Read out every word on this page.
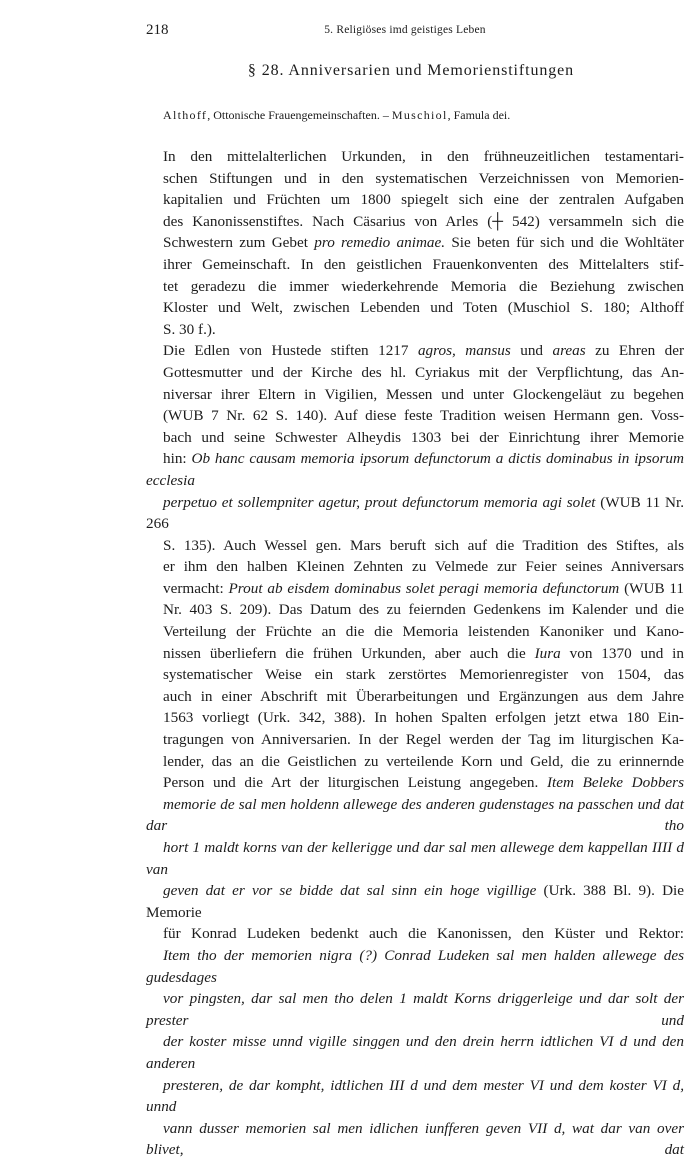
218	5. Religiöses imd geistiges Leben
§ 28. Anniversarien und Memorienstiftungen
Althoff, Ottonische Frauengemeinschaften. – Muschiol, Famula dei.

In den mittelalterlichen Urkunden, in den frühneuzeitlichen testamentari-
schen Stiftungen und in den systematischen Verzeichnissen von Memorien-
kapitalien und Früchten um 1800 spiegelt sich eine der zentralen Aufgaben
des Kanonissenstiftes. Nach Cäsarius von Arles (┼ 542) versammeln sich die
Schwestern zum Gebet pro remedio animae. Sie beten für sich und die Wohltäter
ihrer Gemeinschaft. In den geistlichen Frauenkonventen des Mittelalters stif-
tet geradezu die immer wiederkehrende Memoria die Beziehung zwischen
Kloster und Welt, zwischen Lebenden und Toten (Muschiol S. 180; Althoff
S. 30 f.).

Die Edlen von Hustede stiften 1217 agros, mansus und areas zu Ehren der
Gottesmutter und der Kirche des hl. Cyriakus mit der Verpflichtung, das An-
niversar ihrer Eltern in Vigilien, Messen und unter Glockengeläut zu begehen
(WUB 7 Nr. 62 S. 140). Auf diese feste Tradition weisen Hermann gen. Voss-
bach und seine Schwester Alheydis 1303 bei der Einrichtung ihrer Memorie
hin: Ob hanc causam memoria ipsorum defunctorum a dictis dominabus in ipsorum ecclesia
perpetuo et sollempniter agetur, prout defunctorum memoria agi solet (WUB 11 Nr. 266
S. 135). Auch Wessel gen. Mars beruft sich auf die Tradition des Stiftes, als
er ihm den halben Kleinen Zehnten zu Velmede zur Feier seines Anniversars
vermacht: Prout ab eisdem dominabus solet peragi memoria defunctorum (WUB 11
Nr. 403 S. 209). Das Datum des zu feiernden Gedenkens im Kalender und die
Verteilung der Früchte an die die Memoria leistenden Kanoniker und Kano-
nissen überliefern die frühen Urkunden, aber auch die Iura von 1370 und in
systematischer Weise ein stark zerstörtes Memorienregister von 1504, das
auch in einer Abschrift mit Überarbeitungen und Ergänzungen aus dem Jahre
1563 vorliegt (Urk. 342, 388). In hohen Spalten erfolgen jetzt etwa 180 Ein-
tragungen von Anniversarien. In der Regel werden der Tag im liturgischen Ka-
lender, das an die Geistlichen zu verteilende Korn und Geld, die zu erinnernde
Person und die Art der liturgischen Leistung angegeben. Item Beleke Dobbers
memorie de sal men holdenn allewege des anderen gudenstages na passchen und dat dar tho
hort 1 maldt korns van der kellerigge und dar sal men allewege dem kappellan IIII d van
geven dat er vor se bidde dat sal sinn ein hoge vigillige (Urk. 388 Bl. 9). Die Memorie
für Konrad Ludeken bedenkt auch die Kanonissen, den Küster und Rektor:
Item tho der memorien nigra (?) Conrad Ludeken sal men halden allewege des gudesdages
vor pingsten, dar sal men tho delen 1 maldt Korns driggerleige und dar solt der prester und
der koster misse unnd vigille singgen und den drein herrn idtlichen VI d und den anderen
presteren, de dar kompht, idtlichen III d und dem mester VI und dem koster VI d, unnd
vann dusser memorien sal men idlichen iunfferen geven VII d, wat dar van over blivet, dat
